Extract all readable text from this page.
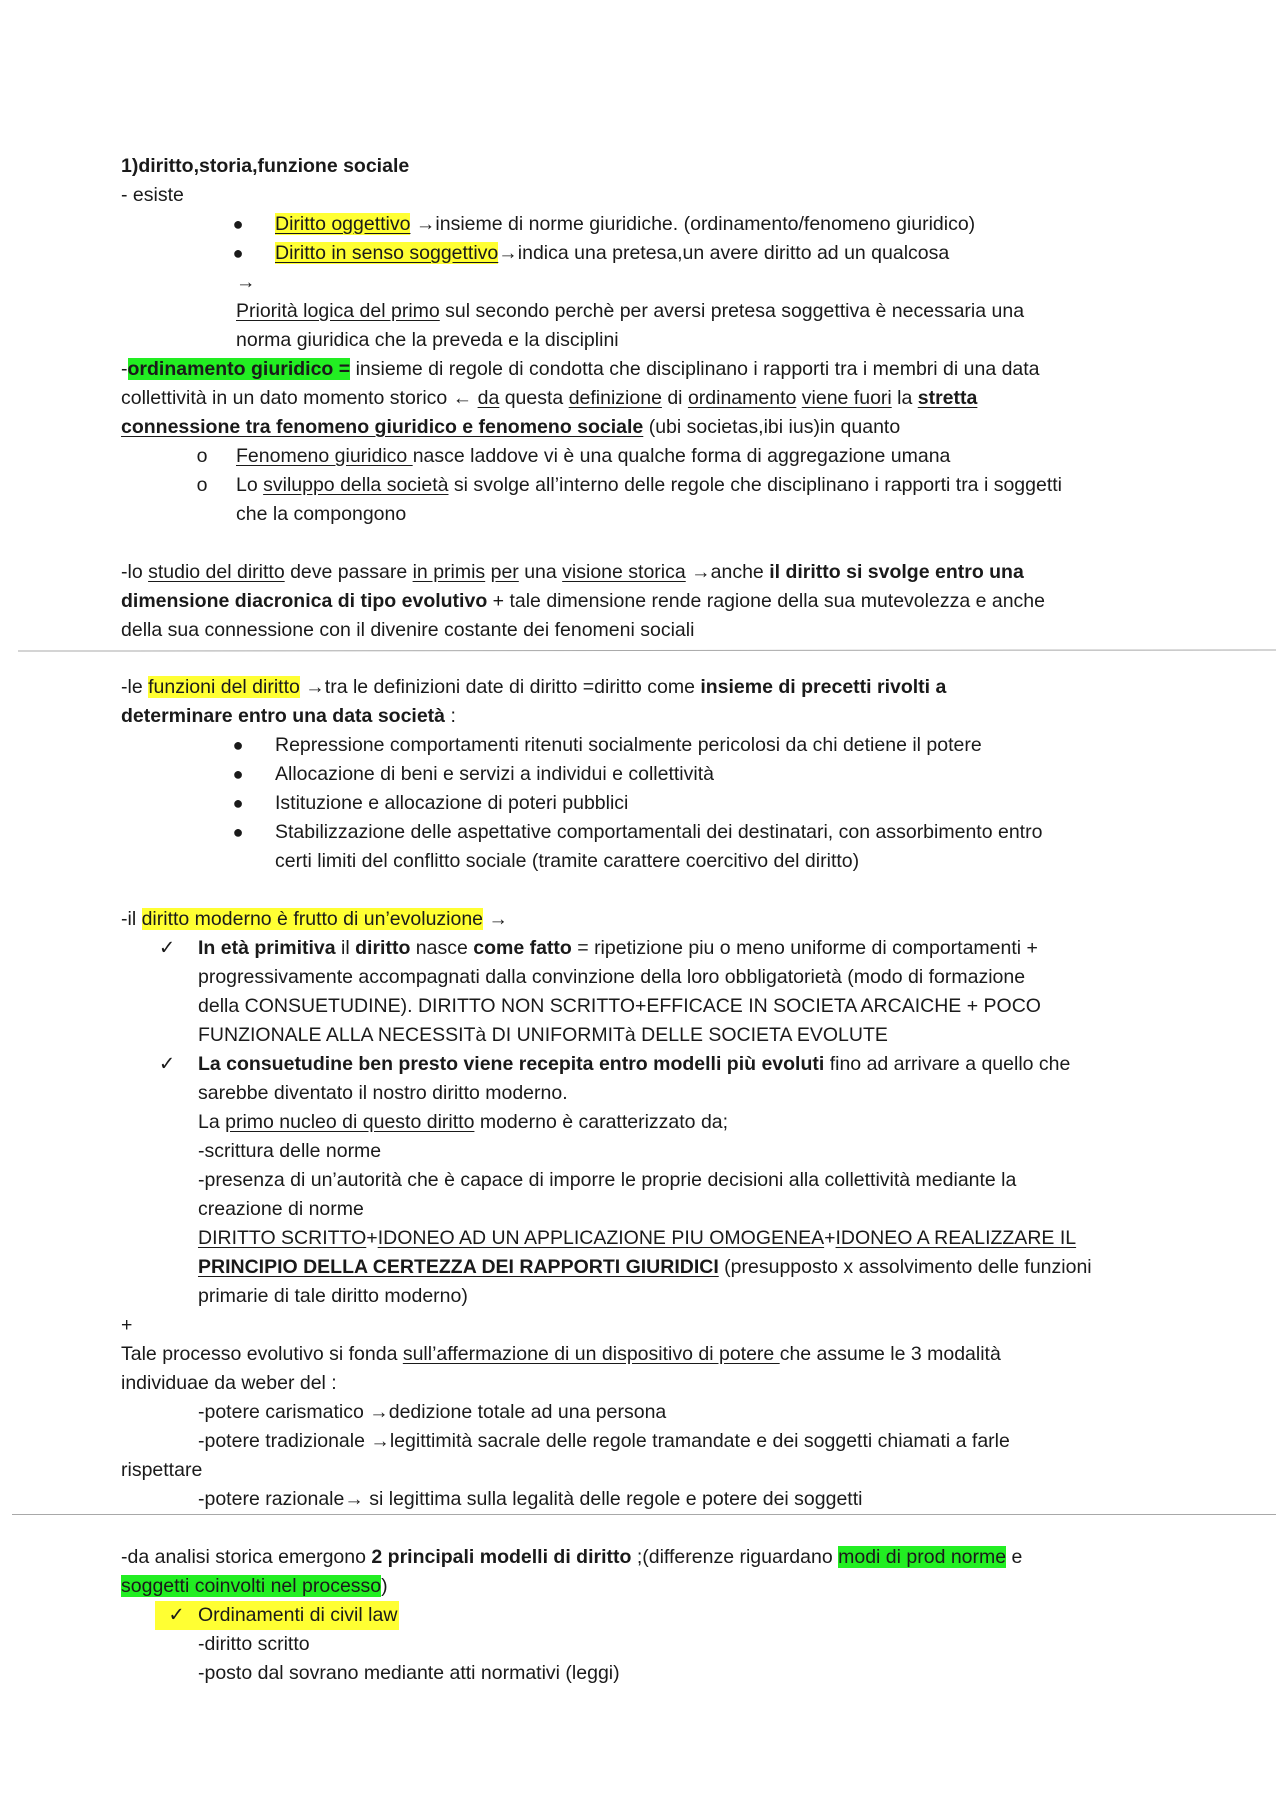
1)diritto,storia,funzione sociale
- esiste
●	Diritto oggettivo →insieme di norme giuridiche. (ordinamento/fenomeno giuridico)
●	Diritto in senso soggettivo→indica una pretesa,un avere diritto ad un qualcosa
→
Priorità logica del primo sul secondo perchè per aversi pretesa soggettiva è necessaria una
norma giuridica che la preveda e la disciplini
-ordinamento giuridico = insieme di regole di condotta che disciplinano i rapporti tra i membri di una data
collettività in un dato momento storico ← da questa definizione di ordinamento viene fuori la stretta
connessione tra fenomeno giuridico e fenomeno sociale (ubi societas,ibi ius)in quanto
o	Fenomeno giuridico nasce laddove vi è una qualche forma di aggregazione umana
o	Lo sviluppo della società si svolge all’interno delle regole che disciplinano i rapporti tra i soggetti
che la compongono
-lo studio del diritto deve passare in primis per una visione storica →anche il diritto si svolge entro una
dimensione diacronica di tipo evolutivo + tale dimensione rende ragione della sua mutevolezza e anche
della sua connessione con il divenire costante dei fenomeni sociali
-le funzioni del diritto →tra le definizioni date di diritto =diritto come insieme di precetti rivolti a
determinare entro una data società :
●	Repressione comportamenti ritenuti socialmente pericolosi da chi detiene il potere
●	Allocazione di beni e servizi a individui e collettività
●	Istituzione e allocazione di poteri pubblici
●	Stabilizzazione delle aspettative comportamentali dei destinatari, con assorbimento entro
certi limiti del conflitto sociale (tramite carattere coercitivo del diritto)
-il diritto moderno è frutto di un’evoluzione →
✓ In età primitiva il diritto nasce come fatto = ripetizione piu o meno uniforme di comportamenti +
progressivamente accompagnati dalla convinzione della loro obbligatorietà (modo di formazione
della CONSUETUDINE). DIRITTO NON SCRITTO+EFFICACE IN SOCIETA ARCAICHE + POCO
FUNZIONALE ALLA NECESSITà DI UNIFORMITà DELLE SOCIETA EVOLUTE
✓ La consuetudine ben presto viene recepita entro modelli più evoluti fino ad arrivare a quello che
sarebbe diventato il nostro diritto moderno.
La primo nucleo di questo diritto moderno è caratterizzato da;
-scrittura delle norme
-presenza di un’autorità che è capace di imporre le proprie decisioni alla collettività mediante la
creazione di norme
DIRITTO SCRITTO+IDONEO AD UN APPLICAZIONE PIU OMOGENEA+IDONEO A REALIZZARE IL
PRINCIPIO DELLA CERTEZZA DEI RAPPORTI GIURIDICI (presupposto x assolvimento delle funzioni
primarie di tale diritto moderno)
+
Tale processo evolutivo si fonda sull’affermazione di un dispositivo di potere che assume le 3 modalità
individuae da weber del :
-potere carismatico →dedizione totale ad una persona
-potere tradizionale →legittimità sacrale delle regole tramandate e dei soggetti chiamati a farle
rispettare
-potere razionale→ si legittima sulla legalità delle regole e potere dei soggetti
-da analisi storica emergono 2 principali modelli di diritto ;(differenze riguardano modi di prod norme e
soggetti coinvolti nel processo)
✓ Ordinamenti di civil law
-diritto scritto
-posto dal sovrano mediante atti normativi (leggi)
